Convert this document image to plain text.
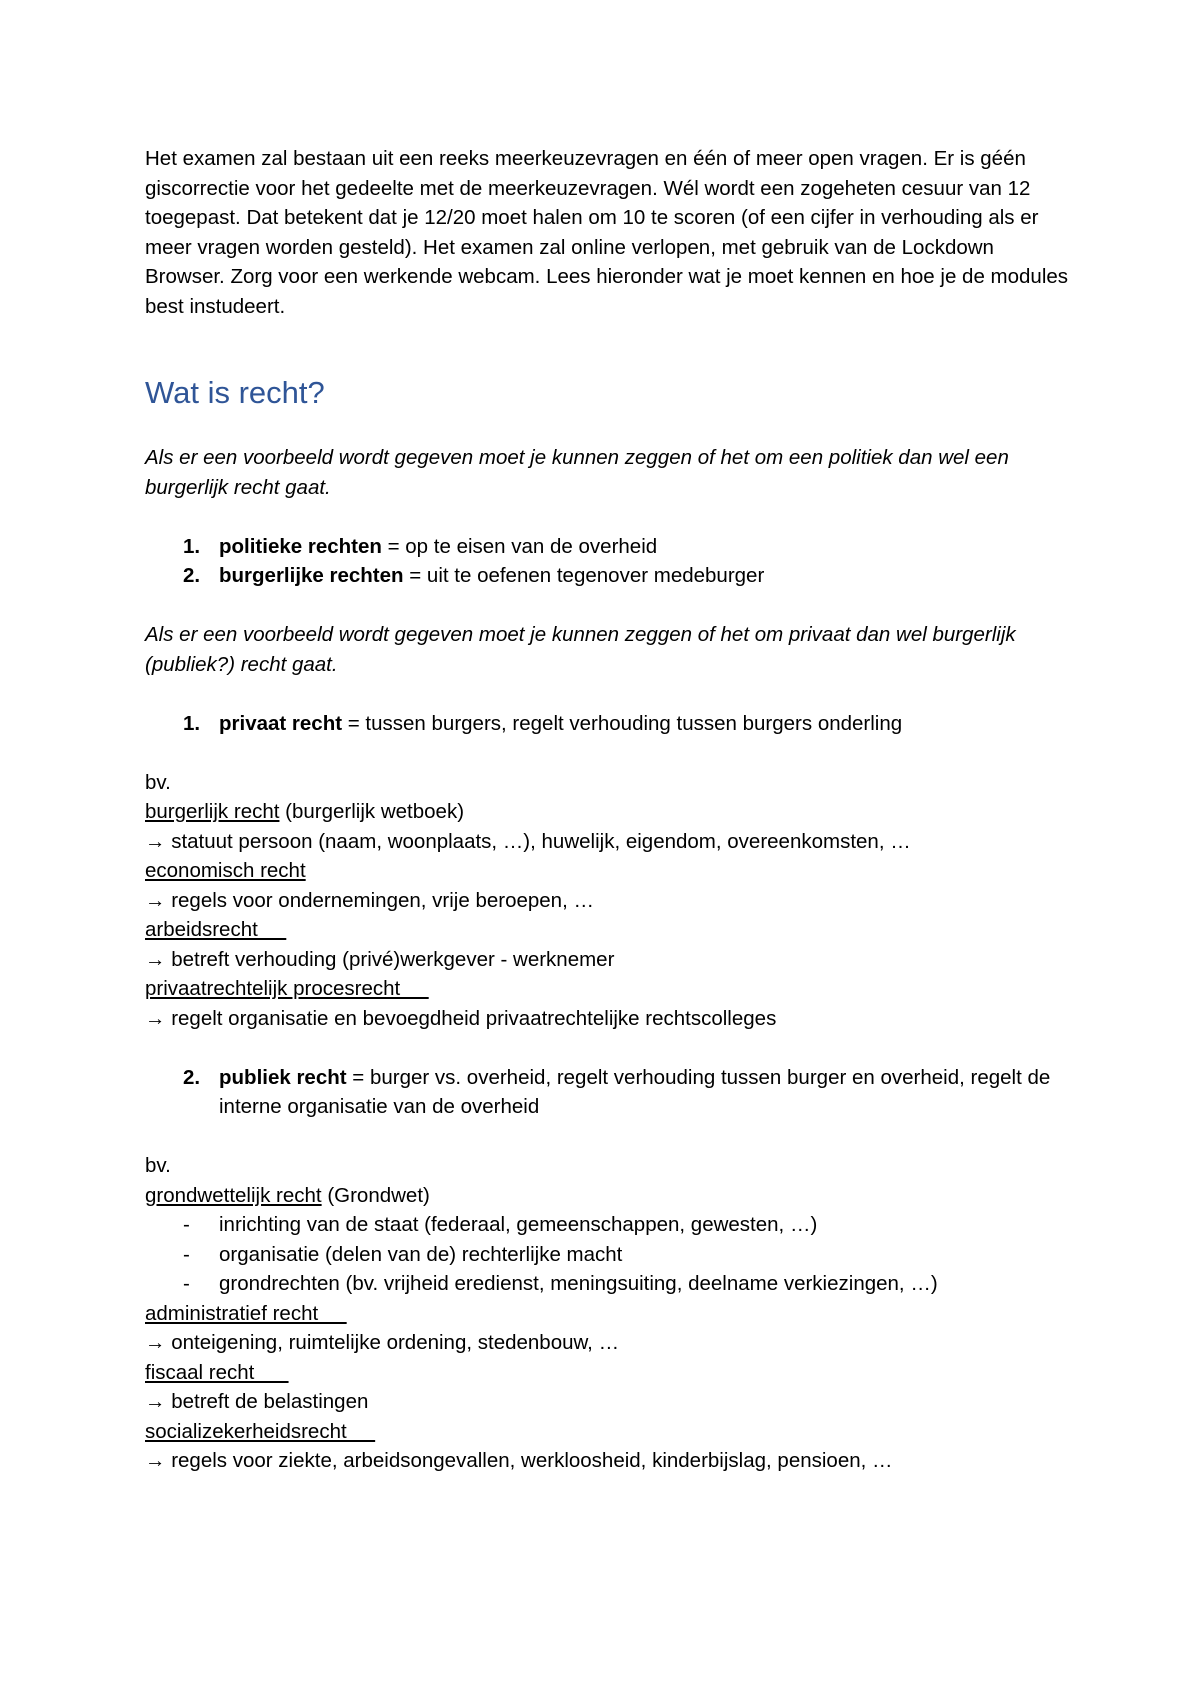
Het examen zal bestaan uit een reeks meerkeuzevragen en één of meer open vragen. Er is géén giscorrectie voor het gedeelte met de meerkeuzevragen. Wél wordt een zogeheten cesuur van 12 toegepast. Dat betekent dat je 12/20 moet halen om 10 te scoren (of een cijfer in verhouding als er meer vragen worden gesteld). Het examen zal online verlopen, met gebruik van de Lockdown Browser. Zorg voor een werkende webcam. Lees hieronder wat je moet kennen en hoe je de modules best instudeert.

Wat is recht?

Als er een voorbeeld wordt gegeven moet je kunnen zeggen of het om een politiek dan wel een burgerlijk recht gaat.

1. politieke rechten = op te eisen van de overheid
2. burgerlijke rechten = uit te oefenen tegenover medeburger

Als er een voorbeeld wordt gegeven moet je kunnen zeggen of het om privaat dan wel burgerlijk (publiek?) recht gaat.

1. privaat recht = tussen burgers, regelt verhouding tussen burgers onderling

bv.

burgerlijk recht (burgerlijk wetboek)

→ statuut persoon (naam, woonplaats, …), huwelijk, eigendom, overeenkomsten, …

economisch recht

→ regels voor ondernemingen, vrije beroepen, …

arbeidsrecht

→ betreft verhouding (privé)werkgever - werknemer

privaatrechtelijk procesrecht

→ regelt organisatie en bevoegdheid privaatrechtelijke rechtscolleges

2. publiek recht = burger vs. overheid, regelt verhouding tussen burger en overheid, regelt de interne organisatie van de overheid

bv.

grondwettelijk recht (Grondwet)

- inrichting van de staat (federaal, gemeenschappen, gewesten, …)
- organisatie (delen van de) rechterlijke macht
- grondrechten (bv. vrijheid eredienst, meningsuiting, deelname verkiezingen, …)

administratief recht

→ onteigening, ruimtelijke ordening, stedenbouw, …

fiscaal recht

→ betreft de belastingen

socializekerheidsrecht

→ regels voor ziekte, arbeidsongevallen, werkloosheid, kinderbijslag, pensioen, …
